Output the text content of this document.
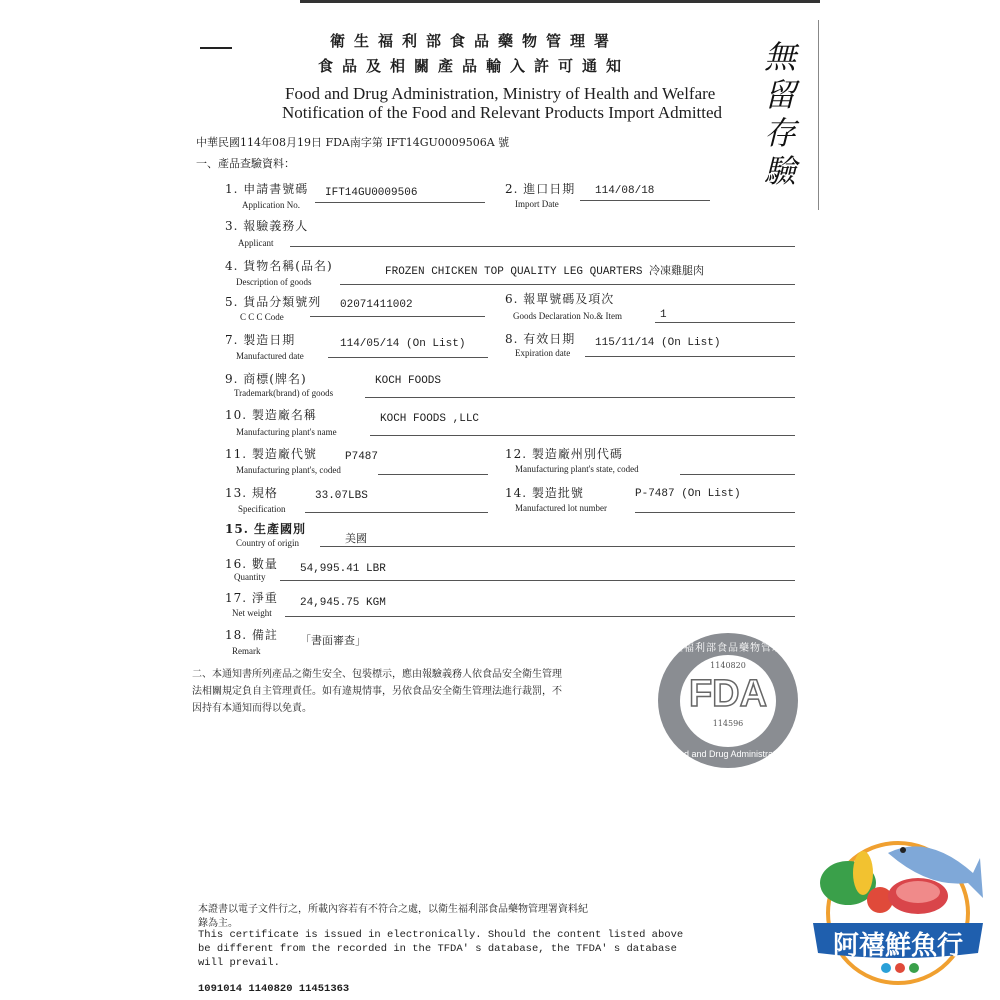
衛生福利部食品藥物管理署
食品及相關產品輸入許可通知
Food and Drug Administration, Ministry of Health and Welfare
Notification of the Food and Relevant Products Import Admitted
中華民國114年08月19日 FDA南字第 IFT14GU0009506A 號
一、產品查驗資料：	無留存驗
1. 申請書號碼
Application No.
IFT14GU0009506	2. 進口日期
Import Date
114/08/18
3. 報驗義務人
Applicant
4. 貨物名稱(品名)
Description of goods
FROZEN CHICKEN TOP QUALITY LEG QUARTERS 冷凍雞腿肉
5. 貨品分類號列
C C C Code
02071411002	6. 報單號碼及項次
Goods Declaration No.& Item	1
7. 製造日期
Manufactured date
114/05/14 (On List)	8. 有效日期
Expiration date
115/11/14 (On List)
9. 商標(牌名)
Trademark(brand) of goods
KOCH FOODS
10. 製造廠名稱
Manufacturing plant's name
KOCH FOODS ,LLC
11. 製造廠代號
Manufacturing plant's, coded
P7487	12. 製造廠州別代碼
Manufacturing plant's state, coded
13. 規格
Specification
33.07LBS	14. 製造批號
Manufactured lot number
P-7487 (On List)
15. 生產國別
Country of origin	美國
16. 數量
Quantity
54,995.41 LBR
17. 淨重
Net weight
24,945.75 KGM
18. 備註
Remark
「書面審查」
二、本通知書所列產品之衛生安全、包裝標示，應由報驗義務人依食品安全衛生管理
法相關規定負自主管理責任。如有違規情事，另依食品安全衛生管理法進行裁罰，不
因持有本通知而得以免責。
衛生福利部食品藥物管理署
1140820
FDA
114596
Food and Drug Administration
本證書以電子文件行之，所載內容若有不符合之處，以衛生福利部食品藥物管理署資料紀
錄為主。
This certificate is issued in electronically. Should the content listed above
be different from the recorded in the TFDA' s database, the TFDA' s database
will prevail.
1091014 1140820 11451363
阿禧鮮魚行
